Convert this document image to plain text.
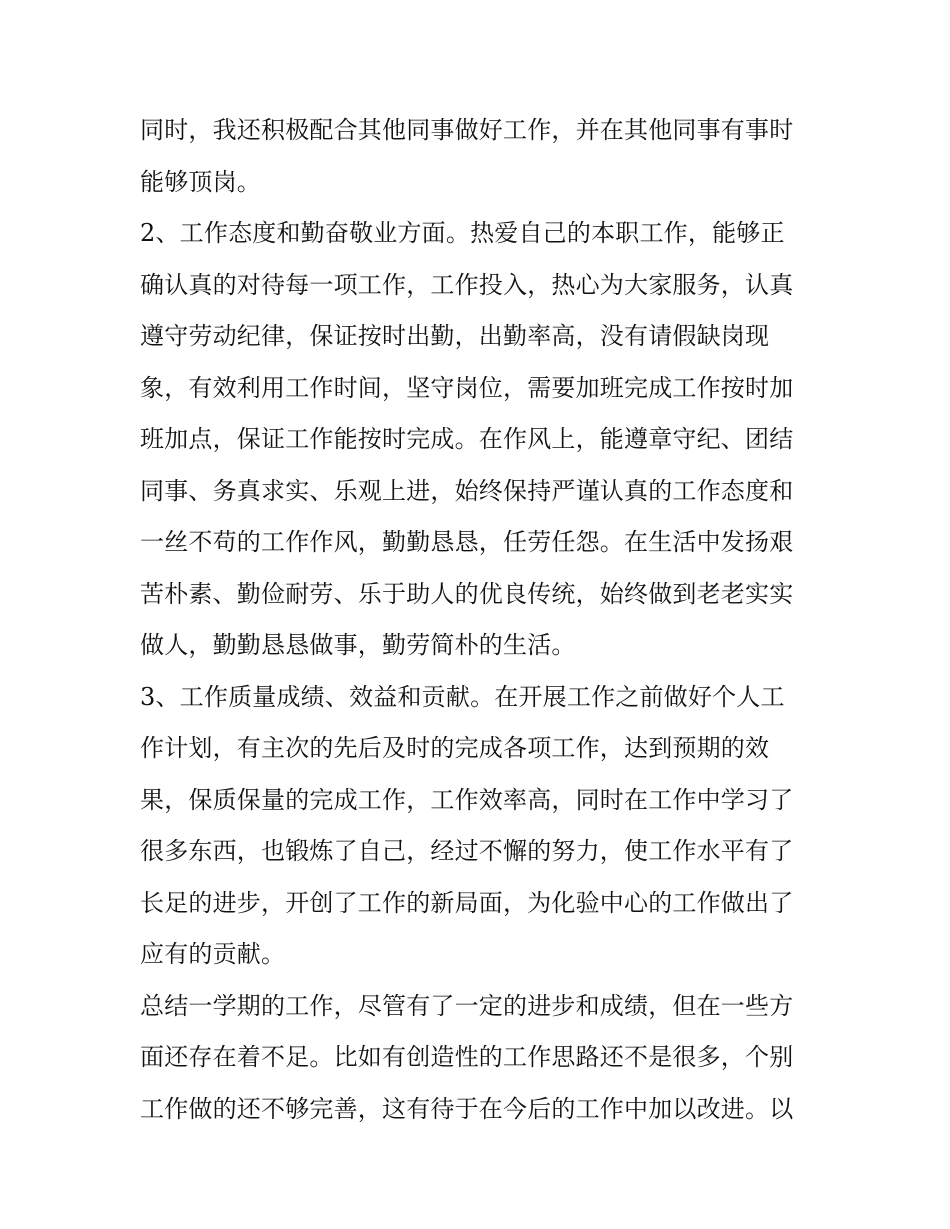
同时，我还积极配合其他同事做好工作，并在其他同事有事时
能够顶岗。
2、工作态度和勤奋敬业方面。热爱自己的本职工作，能够正
确认真的对待每一项工作，工作投入，热心为大家服务，认真
遵守劳动纪律，保证按时出勤，出勤率高，没有请假缺岗现
象，有效利用工作时间，坚守岗位，需要加班完成工作按时加
班加点，保证工作能按时完成。在作风上，能遵章守纪、团结
同事、务真求实、乐观上进，始终保持严谨认真的工作态度和
一丝不苟的工作作风，勤勤恳恳，任劳任怨。在生活中发扬艰
苦朴素、勤俭耐劳、乐于助人的优良传统，始终做到老老实实
做人，勤勤恳恳做事，勤劳简朴的生活。
3、工作质量成绩、效益和贡献。在开展工作之前做好个人工
作计划，有主次的先后及时的完成各项工作，达到预期的效
果，保质保量的完成工作，工作效率高，同时在工作中学习了
很多东西，也锻炼了自己，经过不懈的努力，使工作水平有了
长足的进步，开创了工作的新局面，为化验中心的工作做出了
应有的贡献。
总结一学期的工作，尽管有了一定的进步和成绩，但在一些方
面还存在着不足。比如有创造性的工作思路还不是很多，个别
工作做的还不够完善，这有待于在今后的工作中加以改进。以
